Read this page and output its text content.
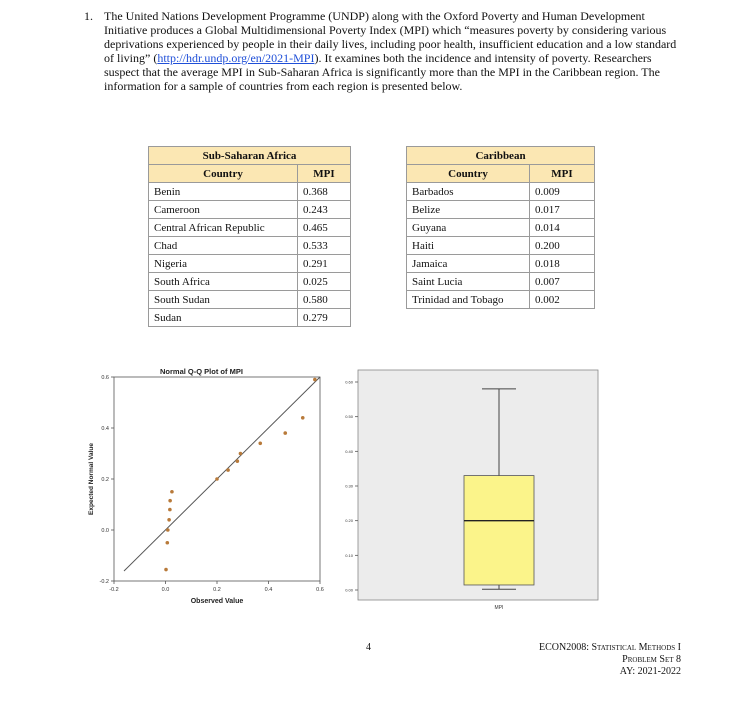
1. The United Nations Development Programme (UNDP) along with the Oxford Poverty and Human Development Initiative produces a Global Multidimensional Poverty Index (MPI) which “measures poverty by considering various deprivations experienced by people in their daily lives, including poor health, insufficient education and a low standard of living” (http://hdr.undp.org/en/2021-MPI). It examines both the incidence and intensity of poverty. Researchers suspect that the average MPI in Sub-Saharan Africa is significantly more than the MPI in the Caribbean region. The information for a sample of countries from each region is presented below.
Sub-Saharan Africa	
Country	MPI
Benin	0.368
Cameroon	0.243
Central African Republic	0.465
Chad	0.533
Nigeria	0.291
South Africa	0.025
South Sudan	0.580
Sudan	0.279
Caribbean	
Country	MPI
Barbados	0.009
Belize	0.017
Guyana	0.014
Haiti	0.200
Jamaica	0.018
Saint Lucia	0.007
Trinidad and Tobago	0.002
Normal Q-Q Plot of MPI
Observed Value
Expected Normal Value
-0.2	0.0	0.2	0.4	0.6
-0.2
0.0
0.2
0.4
0.6
0.00
0.10
0.20
0.30
0.40
0.50
0.60
MPI
4	ECON2008: Statistical Methods I
Problem Set 8
AY: 2021-2022
